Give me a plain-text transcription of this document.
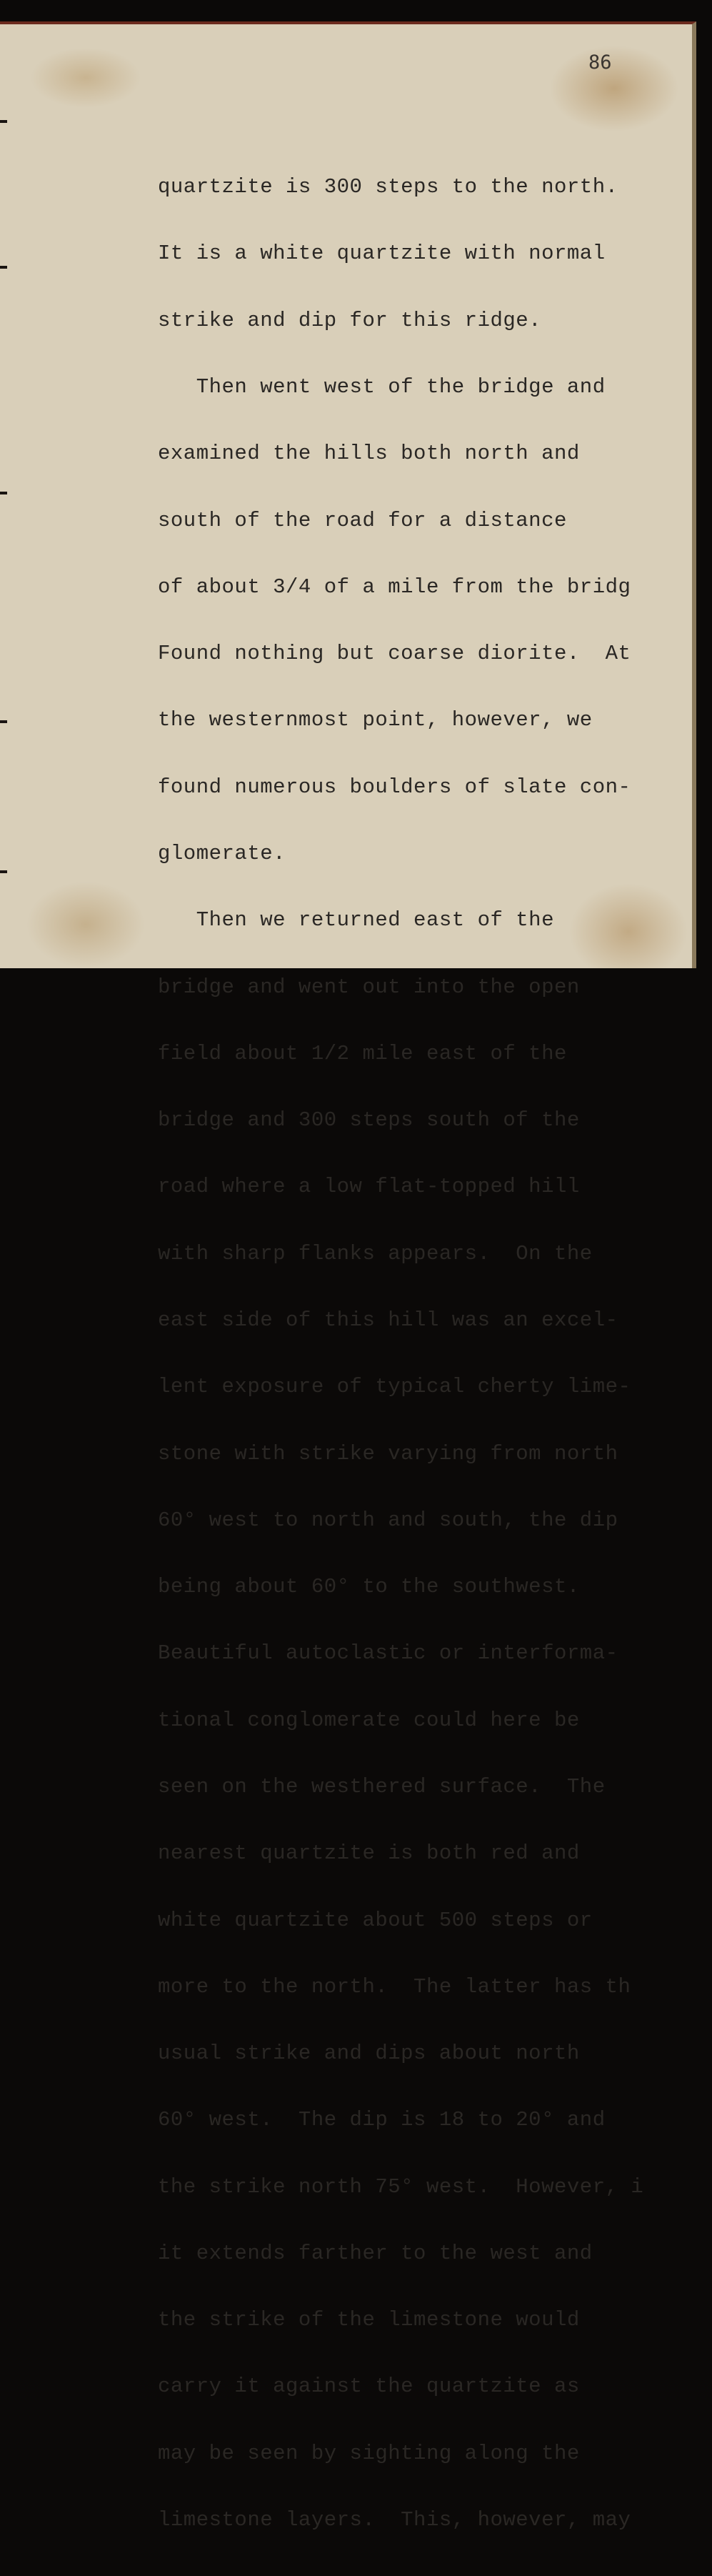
86

quartzite is 300 steps to the north.

It is a white quartzite with normal

strike and dip for this ridge.

Then went west of the bridge and

examined the hills both north and

south of the road for a distance

of about 3/4 of a mile from the bridg

Found nothing but coarse diorite.  At

the westernmost point, however, we

found numerous boulders of slate con-

glomerate.

Then we returned east of the

bridge and went out into the open

field about 1/2 mile east of the

bridge and 300 steps south of the

road where a low flat-topped hill

with sharp flanks appears.  On the

east side of this hill was an excel-

lent exposure of typical cherty lime-

stone with strike varying from north

60° west to north and south, the dip

being about 60° to the southwest.

Beautiful autoclastic or interforma-

tional conglomerate could here be

seen on the westhered surface.  The

nearest quartzite is both red and

white quartzite about 500 steps or

more to the north.  The latter has th

usual strike and dips about north

60° west.  The dip is 18 to 20° and

the strike north 75° west.  However, i

it extends farther to the west and

the strike of the limestone would

carry it against the quartzite as

may be seen by sighting along the

limestone layers.  This, however, may
